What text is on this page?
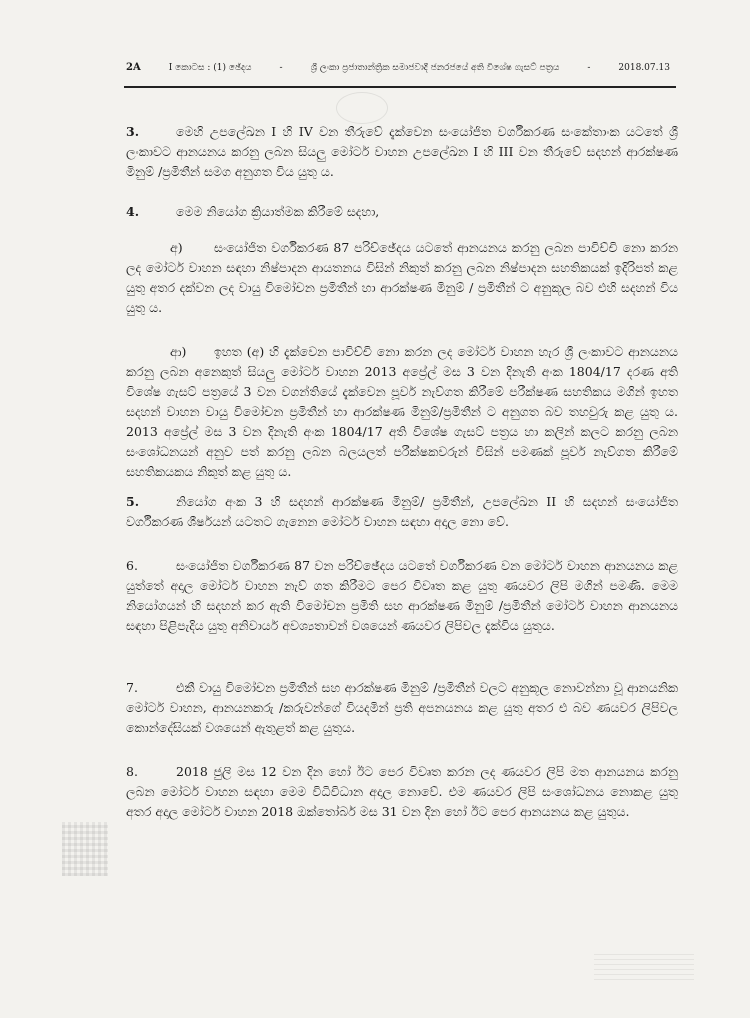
2A	I කොටස : (1) ඡේදය	-	ශ්‍රී ලංකා ප්‍රජාතාන්ත්‍රික සමාජවාදී ජනරජයේ අති විශේෂ ගැසට් පත්‍රය	-	2018.07.13
3.	මෙහි උපලේඛන I හි IV වන තීරුවේ දැක්වෙන සංයෝජිත වර්ගීකරණ සංකේතාංක යටතේ ශ්‍රී ලංකාවට ආනයනය කරනු ලබන සියලු මෝටර් වාහන උපලේඛන I හි III වන තීරුවේ සදහන් ආරක්ෂණ මිනුම් /ප්‍රමිතීන් සමග අනුගත විය යුතු ය.
4.	මෙම නියෝග ක්‍රියාත්මක කිරීමේ සදහා,
අ)	සංයෝජිත වර්ගීකරණ 87 පරිච්ඡේදය යටතේ ආනයනය කරනු ලබන පාවිච්චි නො කරන ලද මෝටර් වාහන සඳහා නිෂ්පාදන ආයතනය විසින් නිකුත් කරනු ලබන නිෂ්පාදන සහතිකයක් ඉදිරිපත් කළ යුතු අතර දක්වන ලද වායු විමෝචන ප්‍රමිතීන් හා ආරක්ෂණ මිනුම් / ප්‍රමිතීන් ට අනුකූල බව එහි සදහන් විය යුතු ය.
ආ) ඉහත (අ) හි දැක්වෙන පාවිච්චි නො කරන ලද මෝටර් වාහන හැර ශ්‍රී ලංකාවට ආනයනය කරනු ලබන අනෙකුත් සියලු මෝටර් වාහන 2013 අප්‍රේල් මස 3 වන දිනැති අංක 1804/17 දරණ අති විශේෂ ගැසට් පත්‍රයේ 3 වන වගන්තියේ දැක්වෙන පූර්ව නැව්ගත කිරීමේ පරීක්ෂණ සහතිකය මගින් ඉහත සදහන් වාහන වායු විමෝචන ප්‍රමිතීන් හා ආරක්ෂණ මිනුම්/ප්‍රමිතීන් ට අනුගත බව තහවුරු කළ යුතු ය. 2013 අප්‍රේල් මස 3 වන දිනැති අංක 1804/17 අති විශේෂ ගැසට් පත්‍රය හා කලින් කලට කරනු ලබන සංශෝධනයන් අනුව පත් කරනු ලබන බලයලත් පරීක්ෂකවරුන් විසින් පමණක් පූර්ව නැව්ගත කිරීමේ සහතිකයකය නිකුත් කළ යුතු ය.
5.	නියෝග අංක 3 හි සදහන් ආරක්ෂණ මිනුම්/ ප්‍රමිතීන්, උපලේඛන II හි සදහන් සංයෝජිත වර්ගීකරණ ශීර්ෂයන් යටතට ගැනෙන මෝටර් වාහන සඳහා අදාල නො වේ.
6.	සංයෝජිත වර්ගීකරණ 87 වන පරිච්ඡේදය යටතේ වර්ගීකරණ වන මෝටර් වාහන ආනයනය කළ යුත්තේ අදාල මෝටර් වාහන නැව් ගත කිරීමට පෙර විවෘත කළ යුතු ණයවර ලිපි මගින් පමණි. මෙම නියෝගයන් හි සදහන් කර ඇති විමෝචන ප්‍රමිති සහ ආරක්ෂණ මිනුම් /ප්‍රමිතීන් මෝටර් වාහන ආනයනය සඳහා පිළිපැදිය යුතු අනිවාර්ය අවශ්‍යතාවන් වශයෙන් ණයවර ලිපිවල දැක්විය යුතුය.
7.	එකී වායු විමෝචන ප්‍රමිතීන් සහ ආරක්ෂණ මිනුම් /ප්‍රමිතීන් වලට අනුකූල නොවන්නා වූ ආනයනික මෝටර් වාහන, ආනයනකරු /කරුවන්ගේ වියදමින් ප්‍රති අපනයනය කළ යුතු අතර එ බව ණයවර ලිපිවල කොන්දේසියක් වශයෙන් ඇතුළත් කළ යුතුය.
8.	2018 ජුලි මස 12 වන දින හෝ ඊට පෙර විවෘත කරන ලද ණයවර ලිපි මත ආනයනය කරනු ලබන මෝටර් වාහන සඳහා මෙම විධිවිධාන අදාල නොවේ. එම ණයවර ලිපි සංශෝධනය නොකළ යුතු අතර අදාල මෝටර් වාහන 2018 ඔක්තෝබර් මස 31 වන දින හෝ ඊට පෙර ආනයනය කළ යුතුය.
